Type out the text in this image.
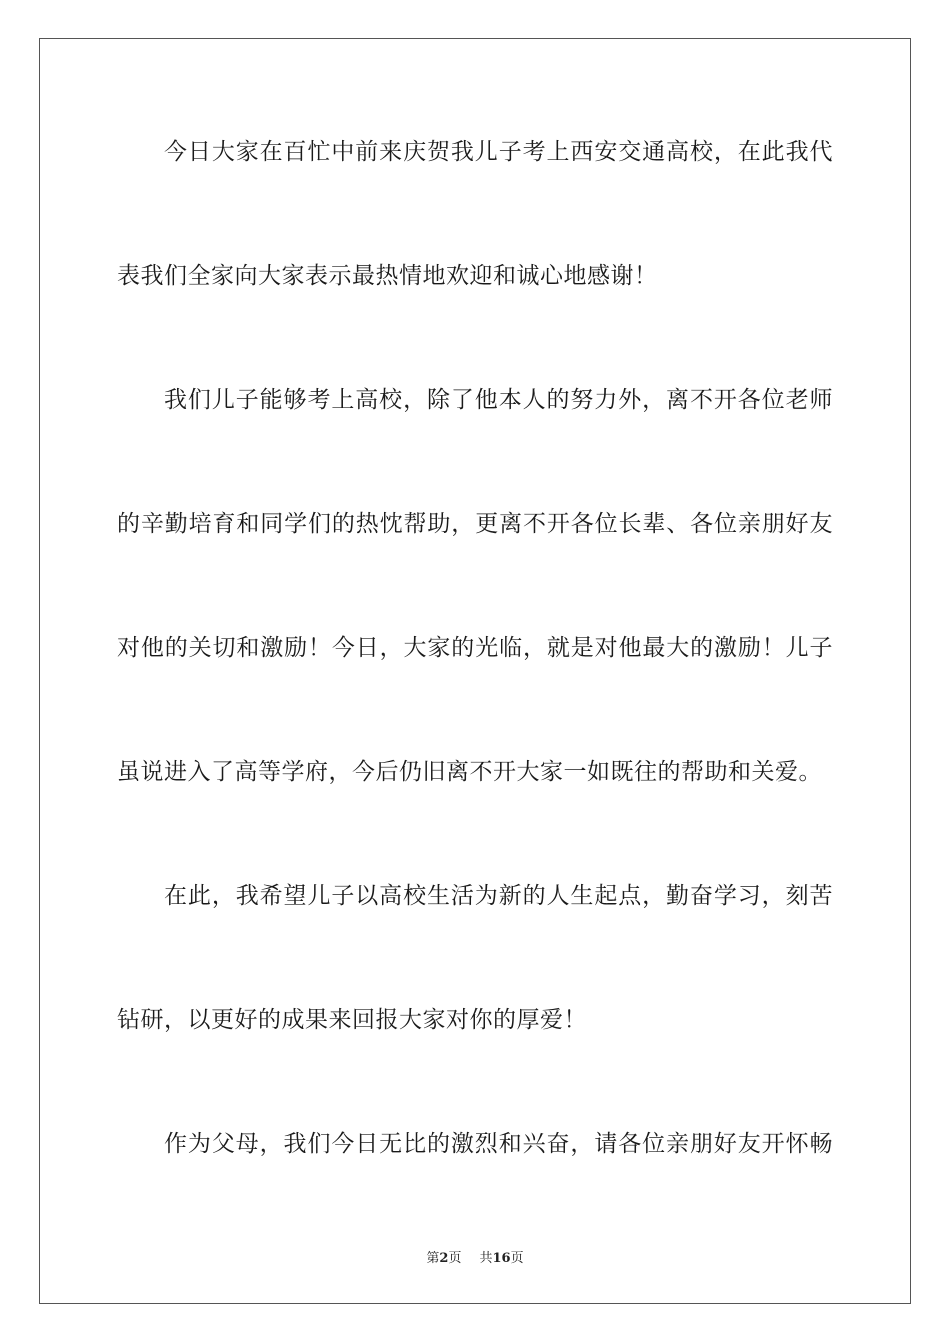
今日大家在百忙中前来庆贺我儿子考上西安交通高校，在此我代
表我们全家向大家表示最热情地欢迎和诚心地感谢！
我们儿子能够考上高校，除了他本人的努力外，离不开各位老师
的辛勤培育和同学们的热忱帮助，更离不开各位长辈、各位亲朋好友
对他的关切和激励！今日，大家的光临，就是对他最大的激励！儿子
虽说进入了高等学府，今后仍旧离不开大家一如既往的帮助和关爱。
在此，我希望儿子以高校生活为新的人生起点，勤奋学习，刻苦
钻研，以更好的成果来回报大家对你的厚爱！
作为父母，我们今日无比的激烈和兴奋，请各位亲朋好友开怀畅
第2页 共16页
